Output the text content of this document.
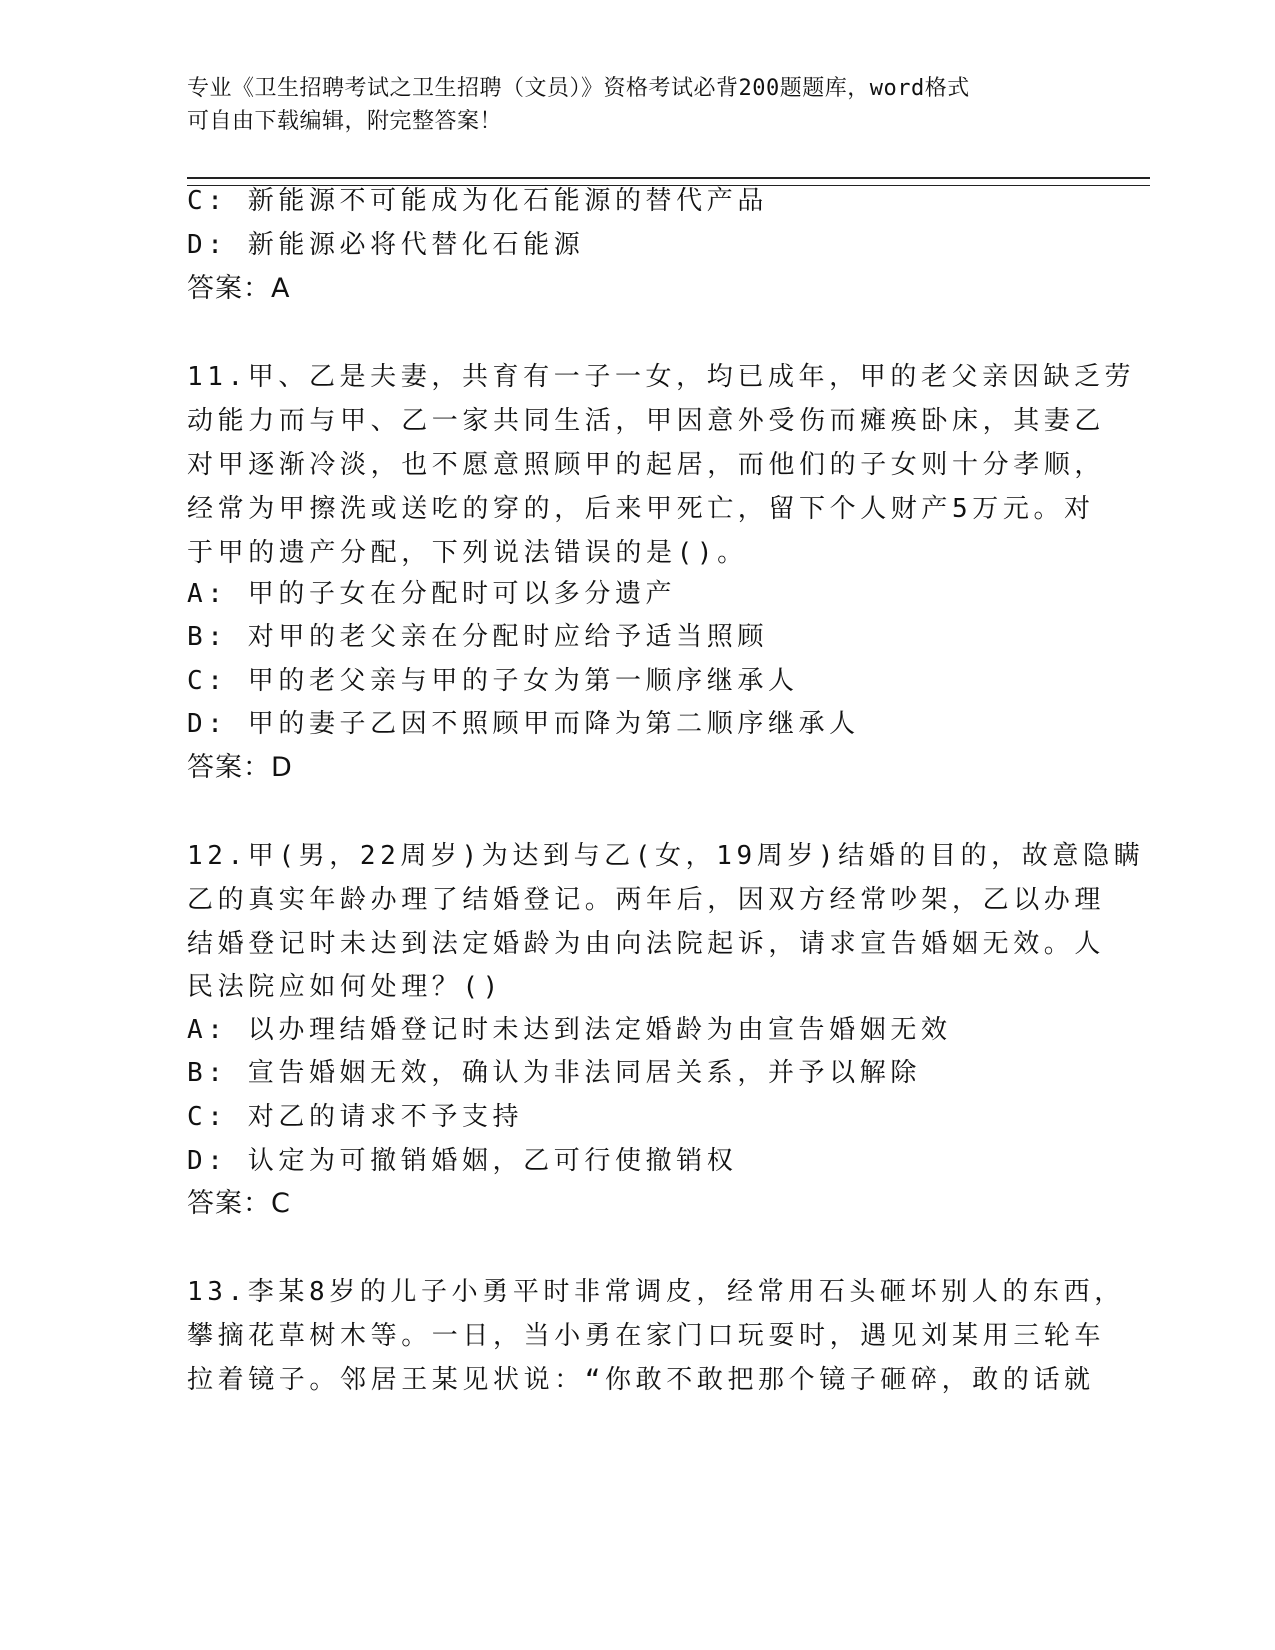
专业《卫生招聘考试之卫生招聘（文员）》资格考试必背200题题库，word格式
可自由下载编辑，附完整答案！
C: 新能源不可能成为化石能源的替代产品
D: 新能源必将代替化石能源
答案：A
11.甲、乙是夫妻，共育有一子一女，均已成年，甲的老父亲因缺乏劳
动能力而与甲、乙一家共同生活，甲因意外受伤而瘫痪卧床，其妻乙
对甲逐渐冷淡，也不愿意照顾甲的起居，而他们的子女则十分孝顺，
经常为甲擦洗或送吃的穿的，后来甲死亡，留下个人财产5万元。对
于甲的遗产分配，下列说法错误的是()。
A: 甲的子女在分配时可以多分遗产
B: 对甲的老父亲在分配时应给予适当照顾
C: 甲的老父亲与甲的子女为第一顺序继承人
D: 甲的妻子乙因不照顾甲而降为第二顺序继承人
答案：D
12.甲(男，22周岁)为达到与乙(女，19周岁)结婚的目的，故意隐瞒
乙的真实年龄办理了结婚登记。两年后，因双方经常吵架，乙以办理
结婚登记时未达到法定婚龄为由向法院起诉，请求宣告婚姻无效。人
民法院应如何处理？()
A: 以办理结婚登记时未达到法定婚龄为由宣告婚姻无效
B: 宣告婚姻无效，确认为非法同居关系，并予以解除
C: 对乙的请求不予支持
D: 认定为可撤销婚姻，乙可行使撤销权
答案：C
13.李某8岁的儿子小勇平时非常调皮，经常用石头砸坏别人的东西，
攀摘花草树木等。一日，当小勇在家门口玩耍时，遇见刘某用三轮车
拉着镜子。邻居王某见状说：“你敢不敢把那个镜子砸碎，敢的话就
